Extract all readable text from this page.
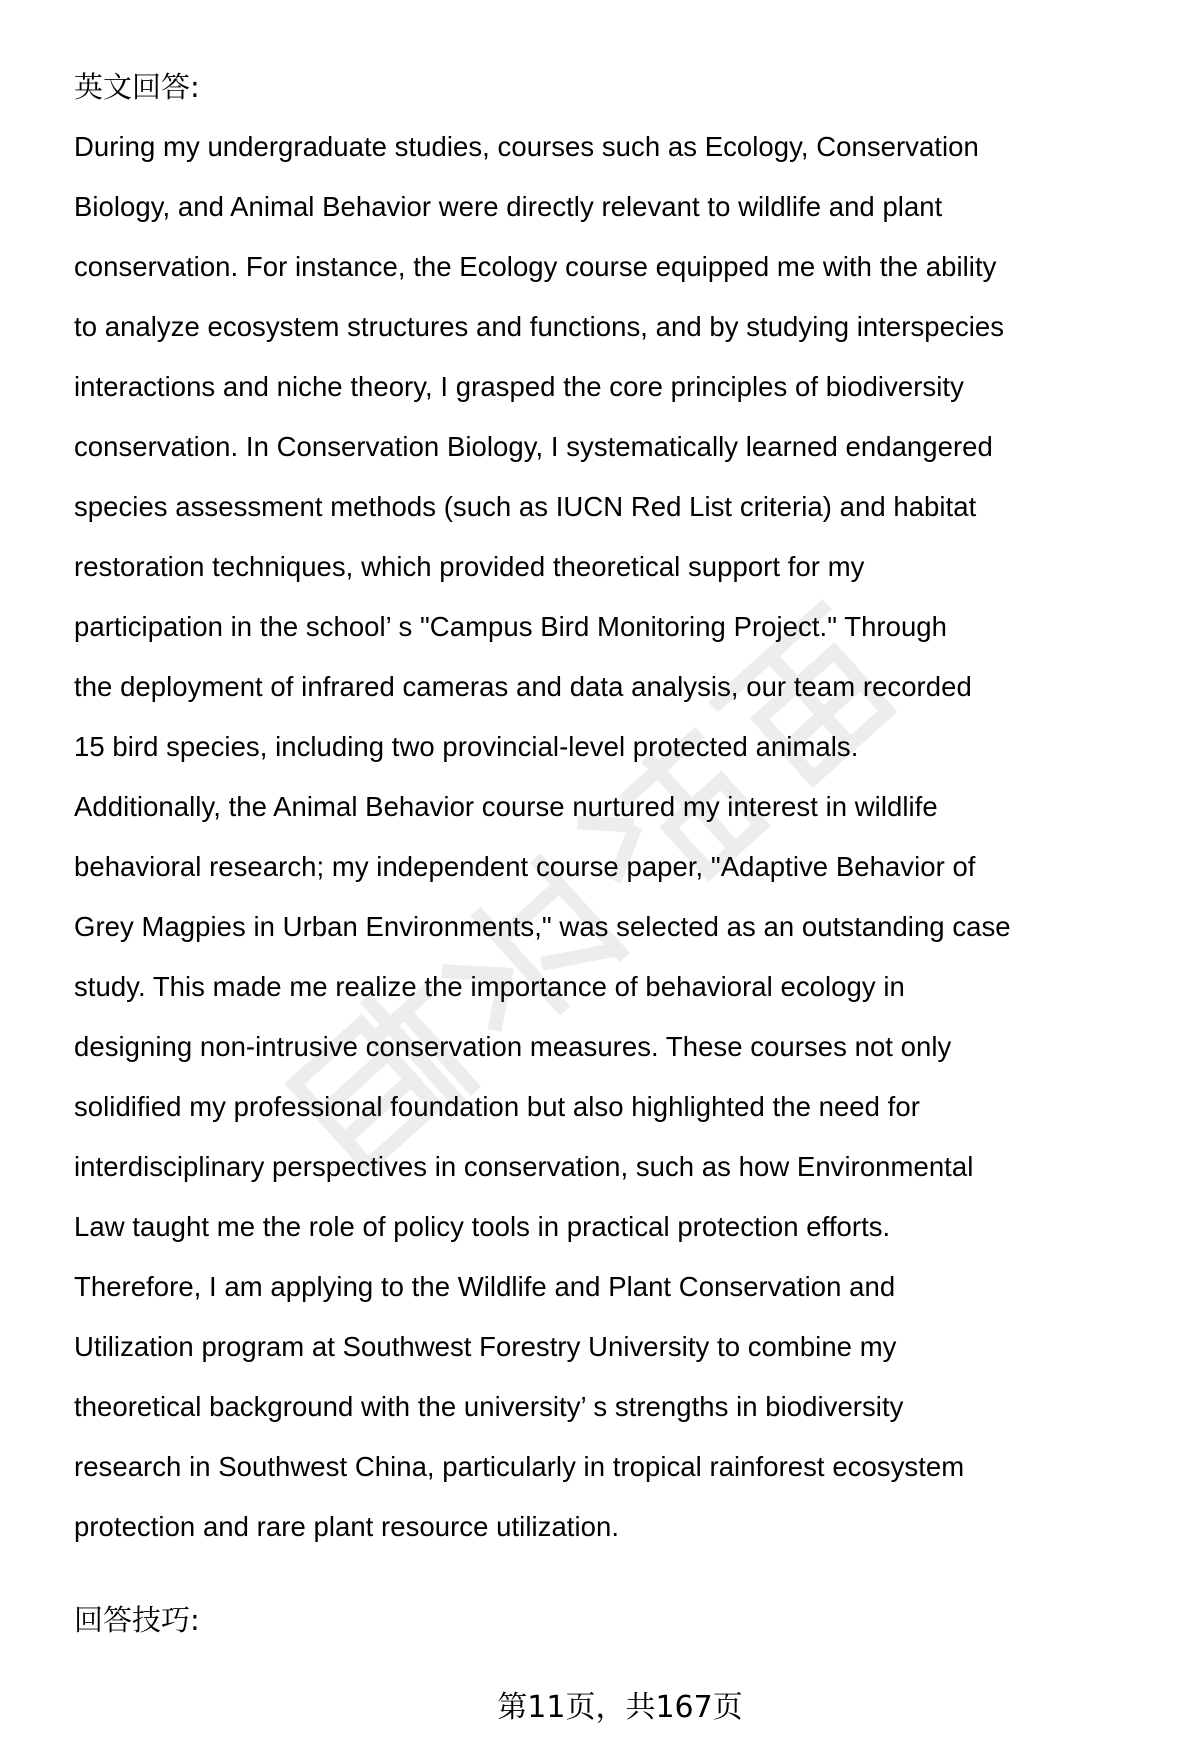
英文回答:
During my undergraduate studies, courses such as Ecology, Conservation
Biology, and Animal Behavior were directly relevant to wildlife and plant
conservation. For instance, the Ecology course equipped me with the ability
to analyze ecosystem structures and functions, and by studying interspecies
interactions and niche theory, I grasped the core principles of biodiversity
conservation. In Conservation Biology, I systematically learned endangered
species assessment methods (such as IUCN Red List criteria) and habitat
restoration techniques, which provided theoretical support for my
participation in the school’ s "Campus Bird Monitoring Project." Through
the deployment of infrared cameras and data analysis, our team recorded
15 bird species, including two provincial-level protected animals.
Additionally, the Animal Behavior course nurtured my interest in wildlife
behavioral research; my independent course paper, "Adaptive Behavior of
Grey Magpies in Urban Environments," was selected as an outstanding case
study. This made me realize the importance of behavioral ecology in
designing non-intrusive conservation measures. These courses not only
solidified my professional foundation but also highlighted the need for
interdisciplinary perspectives in conservation, such as how Environmental
Law taught me the role of policy tools in practical protection efforts.
Therefore, I am applying to the Wildlife and Plant Conservation and
Utilization program at Southwest Forestry University to combine my
theoretical background with the university’ s strengths in biodiversity
research in Southwest China, particularly in tropical rainforest ecosystem
protection and rare plant resource utilization.
回答技巧:
第11页，共167页
